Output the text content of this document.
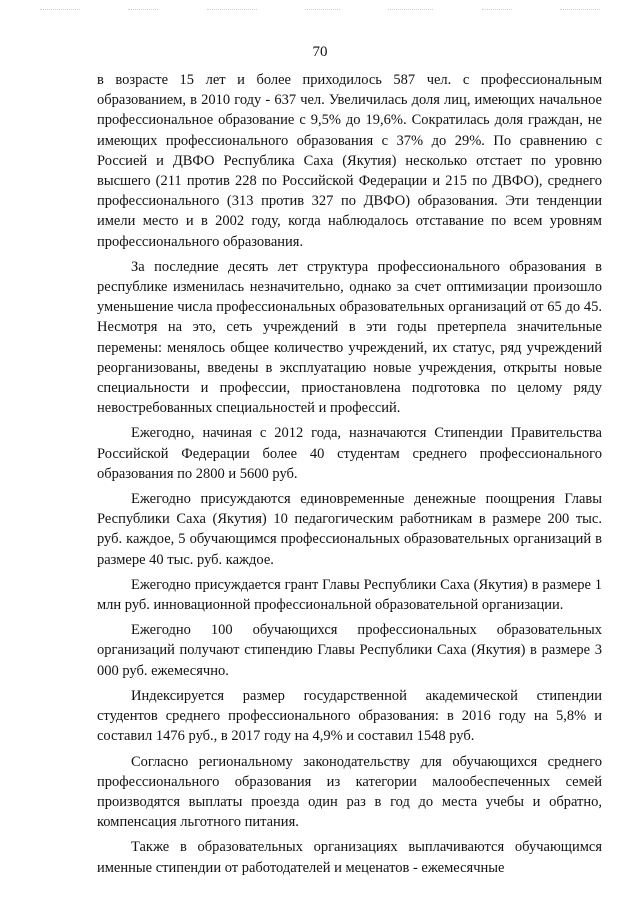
70

в возрасте 15 лет и более приходилось 587 чел. с профессиональным образованием, в 2010 году - 637 чел. Увеличилась доля лиц, имеющих начальное профессиональное образование с 9,5% до 19,6%. Сократилась доля граждан, не имеющих профессионального образования с 37% до 29%. По сравнению с Россией и ДВФО Республика Саха (Якутия) несколько отстает по уровню высшего (211 против 228 по Российской Федерации и 215 по ДВФО), среднего профессионального (313 против 327 по ДВФО) образования. Эти тенденции имели место и в 2002 году, когда наблюдалось отставание по всем уровням профессионального образования.

За последние десять лет структура профессионального образования в республике изменилась незначительно, однако за счет оптимизации произошло уменьшение числа профессиональных образовательных организаций от 65 до 45. Несмотря на это, сеть учреждений в эти годы претерпела значительные перемены: менялось общее количество учреждений, их статус, ряд учреждений реорганизованы, введены в эксплуатацию новые учреждения, открыты новые специальности и профессии, приостановлена подготовка по целому ряду невостребованных специальностей и профессий.

Ежегодно, начиная с 2012 года, назначаются Стипендии Правительства Российской Федерации более 40 студентам среднего профессионального образования по 2800 и 5600 руб.

Ежегодно присуждаются единовременные денежные поощрения Главы Республики Саха (Якутия) 10 педагогическим работникам в размере 200 тыс. руб. каждое, 5 обучающимся профессиональных образовательных организаций в размере 40 тыс. руб. каждое.

Ежегодно присуждается грант Главы Республики Саха (Якутия) в размере 1 млн руб. инновационной профессиональной образовательной организации.

Ежегодно 100 обучающихся профессиональных образовательных организаций получают стипендию Главы Республики Саха (Якутия) в размере 3 000 руб. ежемесячно.

Индексируется размер государственной академической стипендии студентов среднего профессионального образования: в 2016 году на 5,8% и составил 1476 руб., в 2017 году на 4,9% и составил 1548 руб.

Согласно региональному законодательству для обучающихся среднего профессионального образования из категории малообеспеченных семей производятся выплаты проезда один раз в год до места учебы и обратно, компенсация льготного питания.

Также в образовательных организациях выплачиваются обучающимся именные стипендии от работодателей и меценатов - ежемесячные
